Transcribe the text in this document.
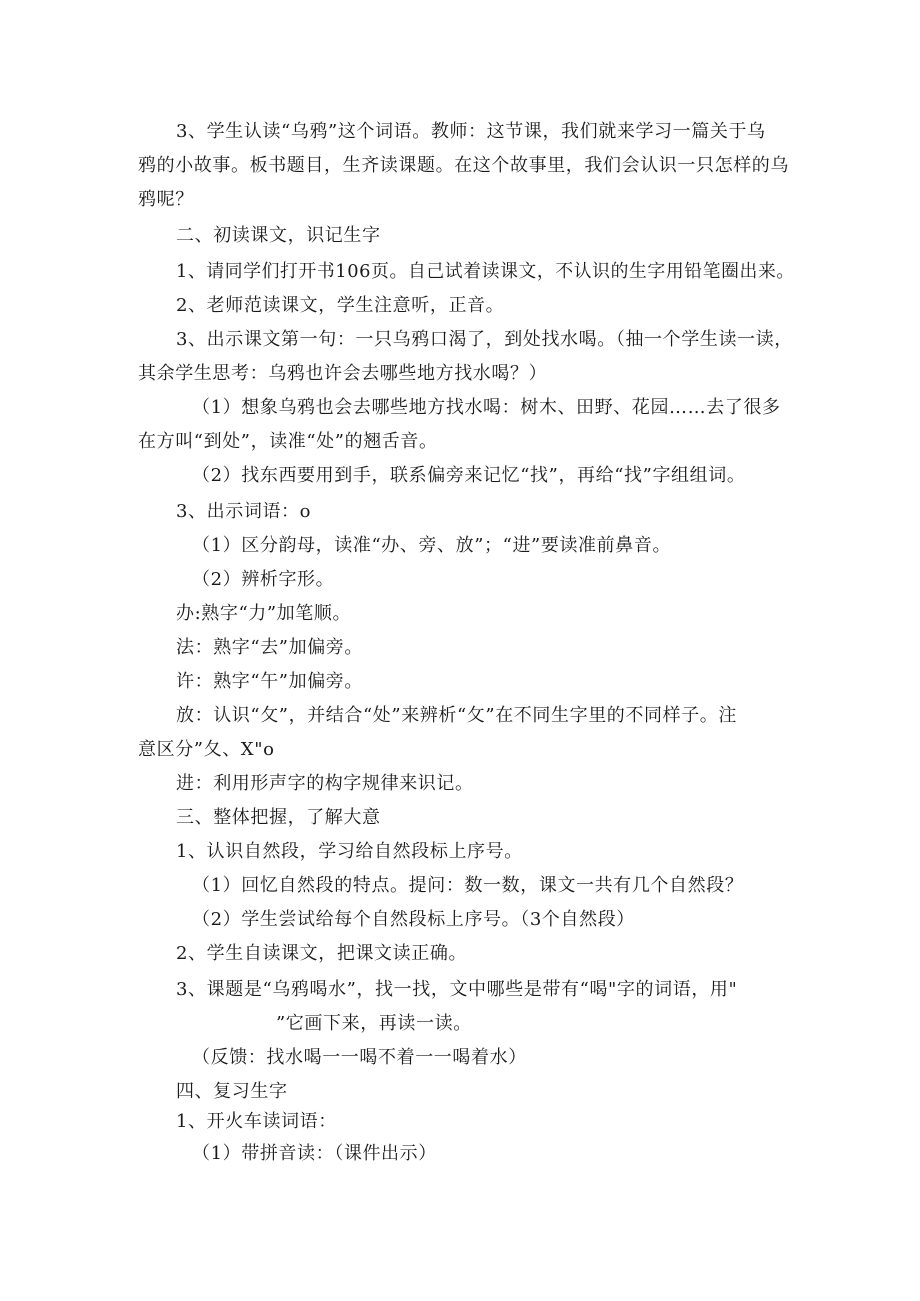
3、学生认读“乌鸦”这个词语。教师：这节课，我们就来学习一篇关于乌
鸦的小故事。板书题目，生齐读课题。在这个故事里，我们会认识一只怎样的乌
鸦呢？
二、初读课文，识记生字
1、请同学们打开书106页。自己试着读课文，不认识的生字用铅笔圈出来。
2、老师范读课文，学生注意听，正音。
3、出示课文第一句：一只乌鸦口渴了，到处找水喝。（抽一个学生读一读，
其余学生思考：乌鸦也许会去哪些地方找水喝？）
（1）想象乌鸦也会去哪些地方找水喝：树木、田野、花园……去了很多
在方叫“到处”，读准“处”的翘舌音。
（2）找东西要用到手，联系偏旁来记忆“找”，再给“找”字组组词。
3、出示词语：o
（1）区分韵母，读准“办、旁、放”；“进”要读准前鼻音。
（2）辨析字形。
办:熟字“力”加笔顺。
法：熟字“去”加偏旁。
许：熟字“午”加偏旁。
放：认识“攵”，并结合“处”来辨析“攵”在不同生字里的不同样子。注
意区分”夂、X"o
进：利用形声字的构字规律来识记。
三、整体把握，了解大意
1、认识自然段，学习给自然段标上序号。
（1）回忆自然段的特点。提问：数一数，课文一共有几个自然段？
（2）学生尝试给每个自然段标上序号。（3个自然段）
2、学生自读课文，把课文读正确。
3、课题是“乌鸦喝水”，找一找，文中哪些是带有“喝"字的词语，用"
”它画下来，再读一读。
（反馈：找水喝一一喝不着一一喝着水）
四、复习生字
1、开火车读词语：
（1）带拼音读：（课件出示）
